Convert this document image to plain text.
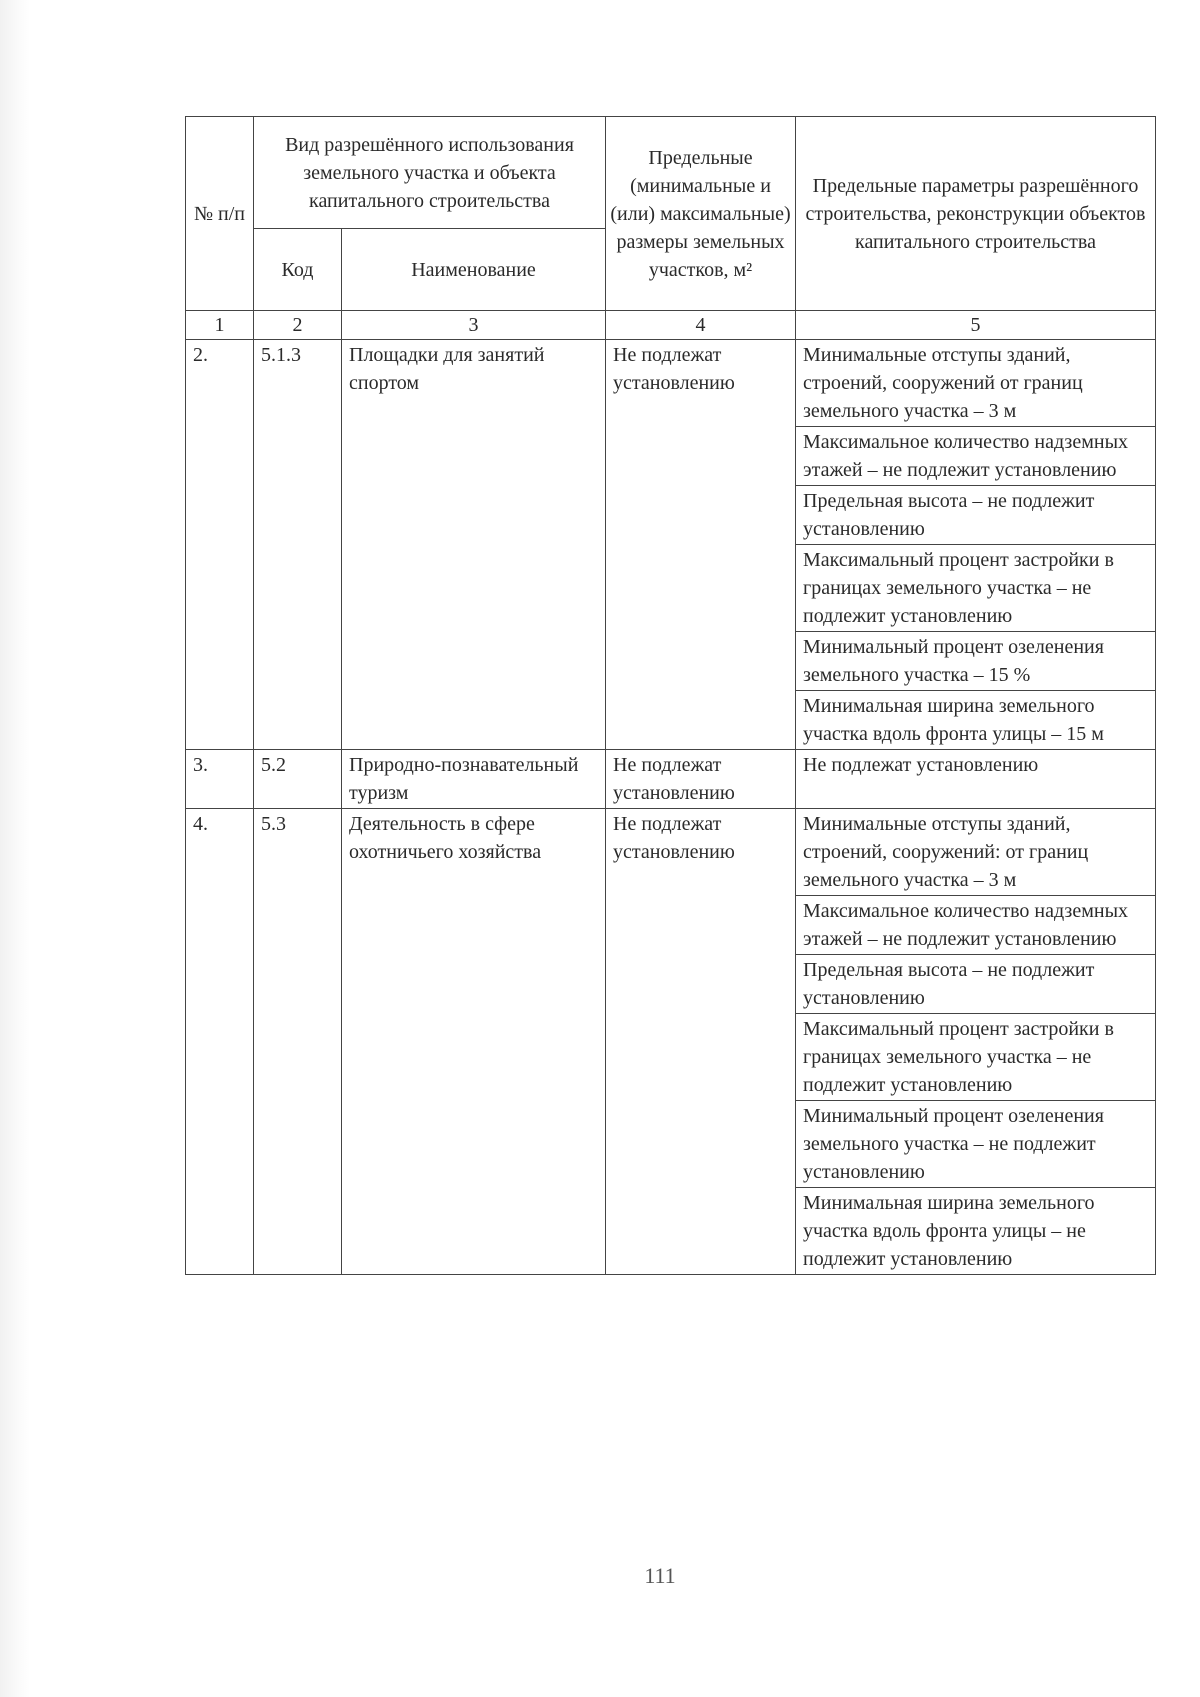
№ п/п	Вид разрешённого использования земельного участка и объекта капитального строительства		Предельные (минимальные и (или) максимальные) размеры земельных участков, м²	Предельные параметры разрешённого строительства, реконструкции объектов капитального строительства
	Код	Наименование		
1	2	3	4	5
2.	5.1.3	Площадки для занятий спортом	Не подлежат установлению	Минимальные отступы зданий, строений, сооружений от границ земельного участка – 3 м
				Максимальное количество надземных этажей – не подлежит установлению
				Предельная высота – не подлежит установлению
				Максимальный процент застройки в границах земельного участка – не подлежит установлению
				Минимальный процент озеленения земельного участка – 15 %
				Минимальная ширина земельного участка вдоль фронта улицы – 15 м
3.	5.2	Природно-познавательный туризм	Не подлежат установлению	Не подлежат установлению
4.	5.3	Деятельность в сфере охотничьего хозяйства	Не подлежат установлению	Минимальные отступы зданий, строений, сооружений: от границ земельного участка – 3 м
				Максимальное количество надземных этажей – не подлежит установлению
				Предельная высота – не подлежит установлению
				Максимальный процент застройки в границах земельного участка – не подлежит установлению
				Минимальный процент озеленения земельного участка – не подлежит установлению
				Минимальная ширина земельного участка вдоль фронта улицы – не подлежит установлению
111
